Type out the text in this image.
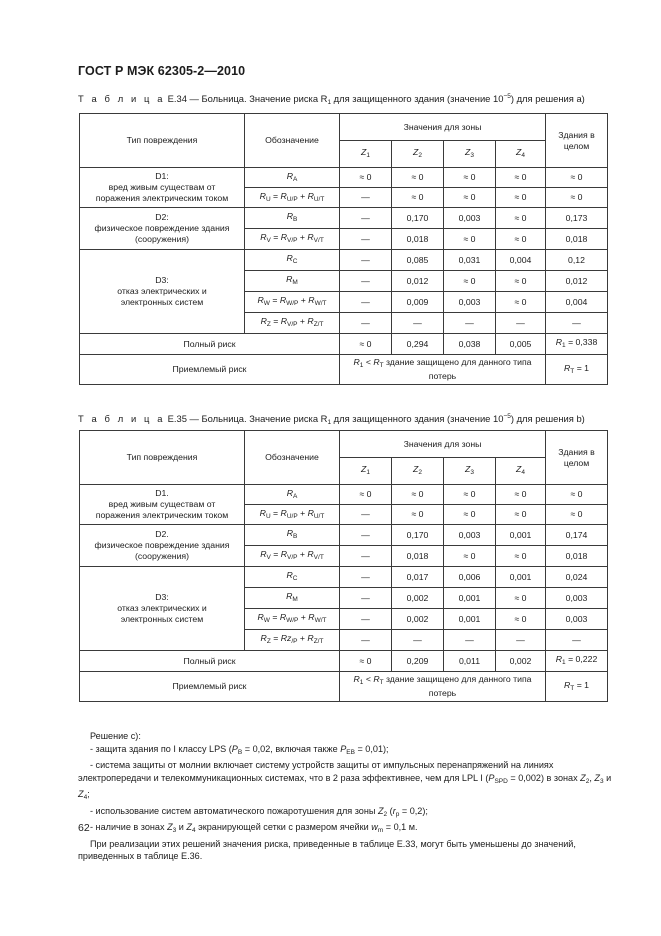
ГОСТ Р МЭК 62305-2—2010
Т а б л и ц а Е.34 — Больница. Значение риска $R_1$ для защищенного здания (значение $10^{-5}$) для решения a)
Тип повреждения	Обозначение	Значения для зоны				Здания в целом
		$Z_1$	$Z_2$	$Z_3$	$Z_4$
D1:
вред живым существам от
поражения электрическим током	$R_A$	≈ 0	≈ 0	≈ 0	≈ 0	≈ 0
	$R_U = R_{U/P} + R_{U/T}$	—	≈ 0	≈ 0	≈ 0	≈ 0
D2:
физическое повреждение здания
(сооружения)	$R_B$	—	0,170	0,003	≈ 0	0,173
	$R_V = R_{V/P} + R_{V/T}$	—	0,018	≈ 0	≈ 0	0,018
D3:
отказ электрических и
электронных систем	$R_C$	—	0,085	0,031	0,004	0,12
	$R_M$	—	0,012	≈ 0	≈ 0	0,012
	$R_W = R_{W/P} + R_{W/T}$	—	0,009	0,003	≈ 0	0,004
	$R_Z = R_{V/P} + R_{Z/T}$	—	—	—	—	—
Полный риск		≈ 0	0,294	0,038	0,005	$R_1 = 0,338$
Приемлемый риск		$R_1 < R_T$ здание защищено для данного типа потерь				$R_T = 1$
Т а б л и ц а Е.35 — Больница. Значение риска $R_1$ для защищенного здания (значение $10^{-5}$) для решения b)
Тип повреждения	Обозначение	Значения для зоны				Здания в целом
		$Z_1$	$Z_2$	$Z_3$	$Z_4$
D1.
вред живым существам от
поражения электрическим током	$R_A$	≈ 0	≈ 0	≈ 0	≈ 0	≈ 0
	$R_U = R_{U/P} + R_{U/T}$	—	≈ 0	≈ 0	≈ 0	≈ 0
D2.
физическое повреждение здания
(сооружения)	$R_B$	—	0,170	0,003	0,001	0,174
	$R_V = R_{V/P} + R_{V/T}$	—	0,018	≈ 0	≈ 0	0,018
D3:
отказ электрических и
электронных систем	$R_C$	—	0,017	0,006	0,001	0,024
	$R_M$	—	0,002	0,001	≈ 0	0,003
	$R_W = R_{W/P} + R_{W/T}$	—	0,002	0,001	≈ 0	0,003
	$R_Z = Rz_{/P} + R_{Z/T}$	—	—	—	—	—
Полный риск		≈ 0	0,209	0,011	0,002	$R_1 = 0,222$
Приемлемый риск		$R_1 < R_T$ здание защищено для данного типа потерь				$R_T = 1$

Решение c):

- защита здания по I классу LPS ($P_B = 0,02$, включая также $P_{EB} = 0,01$);

- система защиты от молнии включает систему устройств защиты от импульсных перенапряжений на линиях электропередачи и телекоммуникационных системах, что в 2 раза эффективнее, чем для LPL I $(P_{SPD} = 0,002)$ в зонах $Z_2$, $Z_3$ и $Z_4$;

- использование систем автоматического пожаротушения для зоны $Z_2$ $(r_p = 0,2)$;

- наличие в зонах $Z_3$ и $Z_4$ экранирующей сетки с размером ячейки $w_m = 0,1$ м.

При реализации этих решений значения риска, приведенные в таблице Е.33, могут быть уменьшены до значений, приведенных в таблице Е.36.

62
